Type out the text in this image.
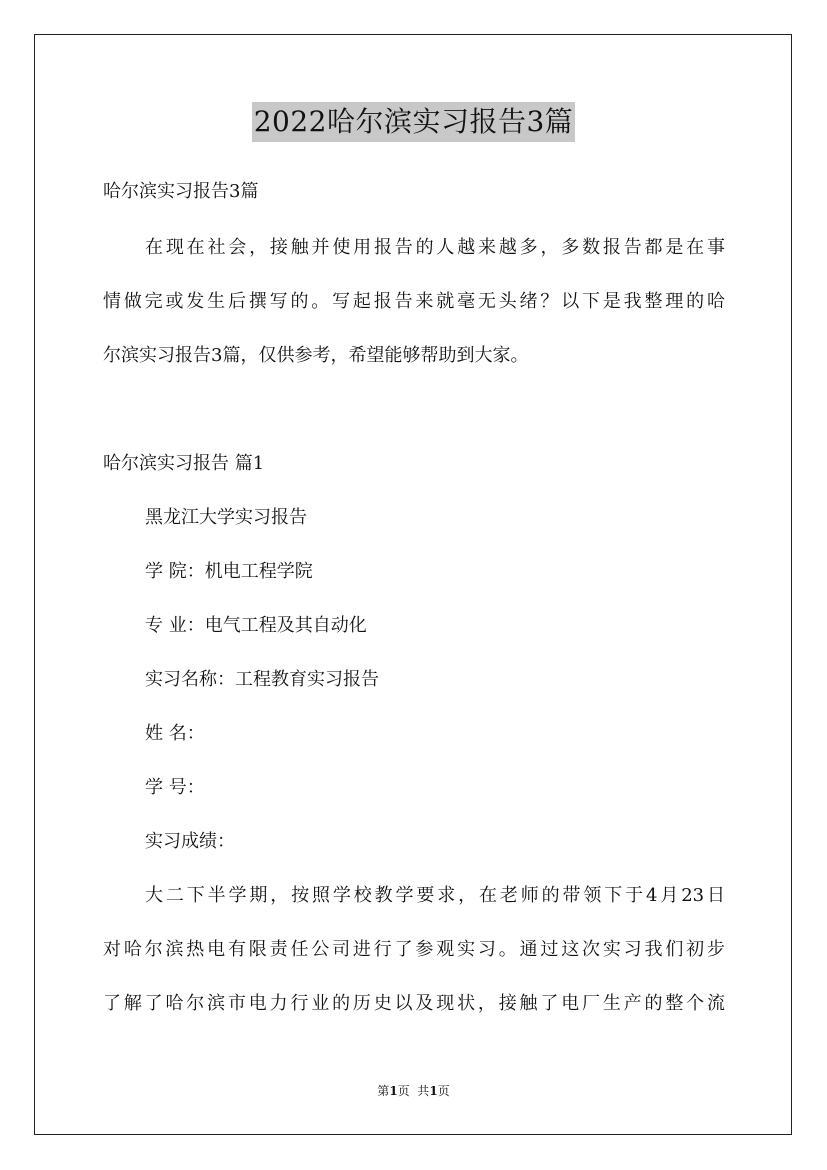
2022哈尔滨实习报告3篇
哈尔滨实习报告3篇
在现在社会，接触并使用报告的人越来越多，多数报告都是在事
情做完或发生后撰写的。写起报告来就毫无头绪？以下是我整理的哈
尔滨实习报告3篇，仅供参考，希望能够帮助到大家。
哈尔滨实习报告 篇1
黑龙江大学实习报告
学 院：机电工程学院
专 业：电气工程及其自动化
实习名称：工程教育实习报告
姓 名：
学 号：
实习成绩：
大二下半学期，按照学校教学要求，在老师的带领下于4月23日
对哈尔滨热电有限责任公司进行了参观实习。通过这次实习我们初步
了解了哈尔滨市电力行业的历史以及现状，接触了电厂生产的整个流
第1页  共1页
